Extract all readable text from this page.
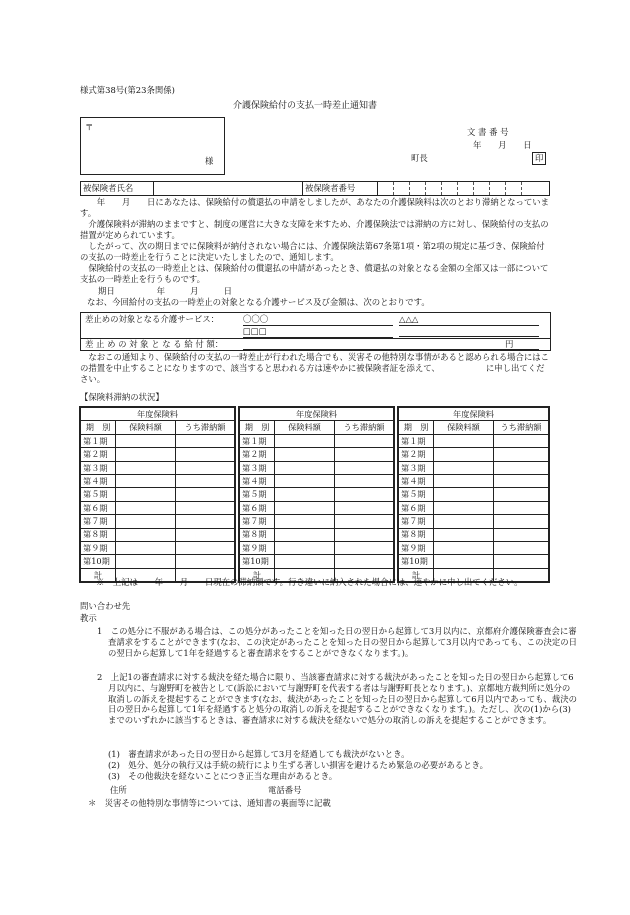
様式第38号(第23条関係)
介護保険給付の支払一時差止通知書
〒
様
文 書 番 号
年　　月　　日
町長	印
被保険者氏名	被保険者番号
　　年　　月　　日にあなたは、保険給付の償還払の申請をしましたが、あなたの介護保険料は次のとおり滞納となっています。
　介護保険料が滞納のままですと、制度の運営に大きな支障を来すため、介護保険法では滞納の方に対し、保険給付の支払の措置が定められています。
　したがって、次の期日までに保険料が納付されない場合には、介護保険法第67条第1項・第2項の規定に基づき、保険給付の支払の一時差止を行うことに決定いたしましたので、通知します。
　保険給付の支払の一時差止とは、保険給付の償還払の申請があったとき、償還払の対象となる金額の全部又は一部について支払の一時差止を行うものです。
期日　　　　　年　　　月　　　日
なお、今回給付の支払の一時差止の対象となる介護サービス及び金額は、次のとおりです。
差止めの対象となる介護サービス：	〇〇〇	△△△
□□□
差 止 め の 対 象 と な る 給 付 額：	円
　なおこの通知より、保険給付の支払の一時差止が行われた場合でも、災害その他特別な事情があると認められる場合にはこの措置を中止することになりますので、該当すると思われる方は速やかに被保険者証を添えて、　　　　　　に申し出てください。
【保険料滞納の状況】
年度保険料		
期　別	保険料額	うち滞納額
第１期		
第２期		
第３期		
第４期		
第５期		
第６期		
第７期		
第８期		
第９期		
第10期		
計		
年度保険料		
期　別	保険料額	うち滞納額
第１期		
第２期		
第３期		
第４期		
第５期		
第６期		
第７期		
第８期		
第９期		
第10期		
計		
年度保険料		
期　別	保険料額	うち滞納額
第１期		
第２期		
第３期		
第４期		
第５期		
第６期		
第７期		
第８期		
第９期		
第10期		
計		
※　上記は　　年　　月　　日現在の滞納額です。行き違いに納入された場合には、速やかに申し出てください。
問い合わせ先
教示
1　この処分に不服がある場合は、この処分があったことを知った日の翌日から起算して3月以内に、京都府介護保険審査会に審査請求をすることができます(なお、この決定があったことを知った日の翌日から起算して3月以内であっても、この決定の日の翌日から起算して1年を経過すると審査請求をすることができなくなります。)。
2　上記1の審査請求に対する裁決を経た場合に限り、当該審査請求に対する裁決があったことを知った日の翌日から起算して6月以内に、与謝野町を被告として(訴訟において与謝野町を代表する者は与謝野町長となります。)、京都地方裁判所に処分の取消しの訴えを提起することができます(なお、裁決があったことを知った日の翌日から起算して6月以内であっても、裁決の日の翌日から起算して1年を経過すると処分の取消しの訴えを提起することができなくなります。)。ただし、次の(1)から(3)までのいずれかに該当するときは、審査請求に対する裁決を経ないで処分の取消しの訴えを提起することができます。
(1)　審査請求があった日の翌日から起算して3月を経過しても裁決がないとき。
(2)　処分、処分の執行又は手続の続行により生ずる著しい損害を避けるため緊急の必要があるとき。
(3)　その他裁決を経ないことにつき正当な理由があるとき。
住所	電話番号
＊　災害その他特別な事情等については、通知書の裏面等に記載
